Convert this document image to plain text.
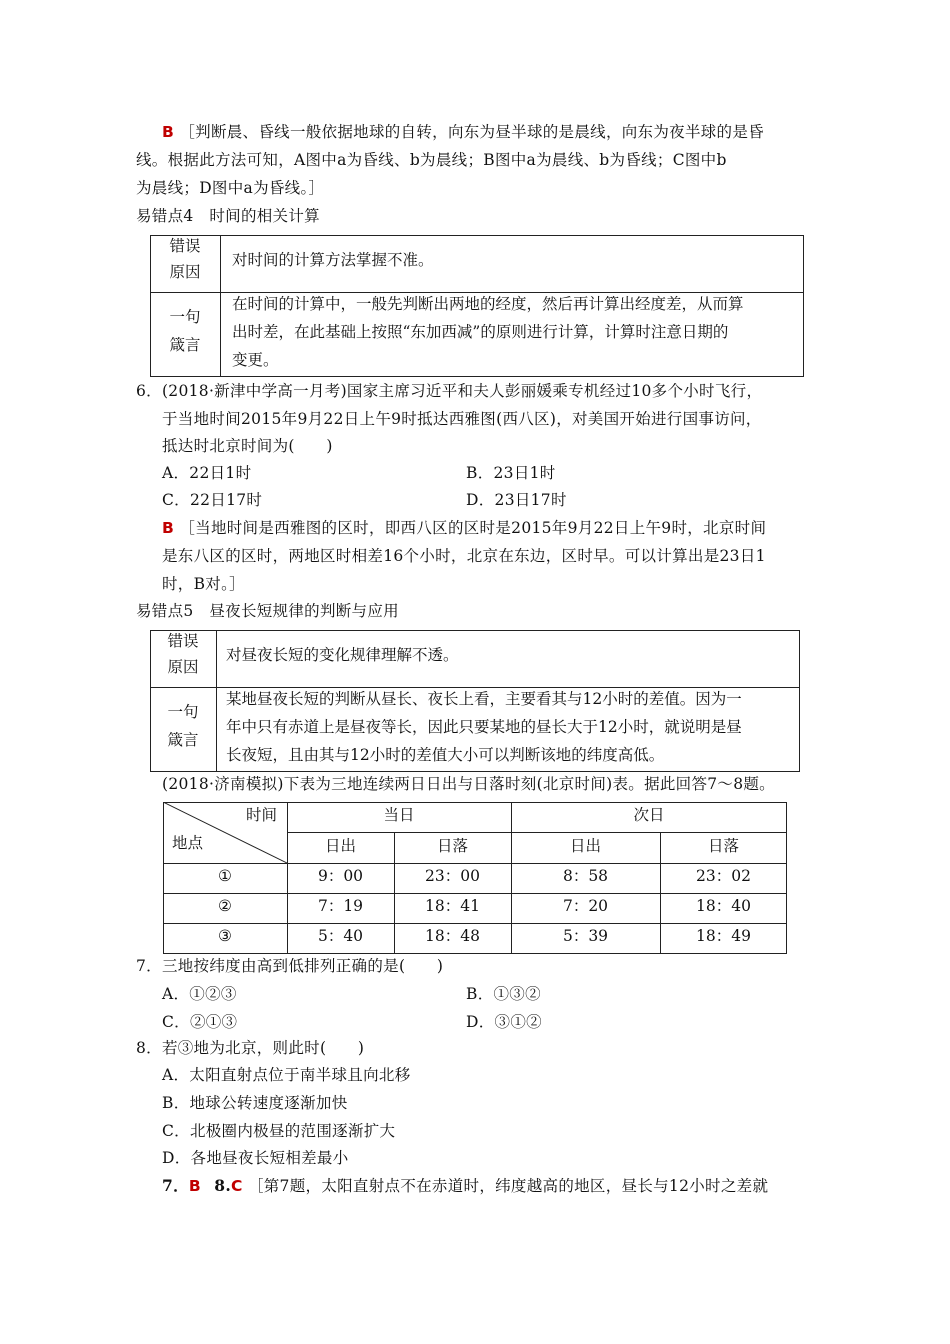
B ［判断晨、昏线一般依据地球的自转，向东为昼半球的是晨线，向东为夜半球的是昏
线。根据此方法可知，A图中a为昏线、b为晨线；B图中a为晨线、b为昏线；C图中b
为晨线；D图中a为昏线。］
易错点4　时间的相关计算
错误
原因
对时间的计算方法掌握不准。
一句
箴言
在时间的计算中，一般先判断出两地的经度，然后再计算出经度差，从而算
出时差，在此基础上按照“东加西减”的原则进行计算，计算时注意日期的
变更。
6．(2018·新津中学高一月考)国家主席习近平和夫人彭丽媛乘专机经过10多个小时飞行，
于当地时间2015年9月22日上午9时抵达西雅图(西八区)，对美国开始进行国事访问，
抵达时北京时间为(　　)
A．22日1时	B．23日1时
C．22日17时	D．23日17时
B ［当地时间是西雅图的区时，即西八区的区时是2015年9月22日上午9时，北京时间
是东八区的区时，两地区时相差16个小时，北京在东边，区时早。可以计算出是23日1
时，B对。］
易错点5　昼夜长短规律的判断与应用
错误
原因
对昼夜长短的变化规律理解不透。
一句
箴言
某地昼夜长短的判断从昼长、夜长上看，主要看其与12小时的差值。因为一
年中只有赤道上是昼夜等长，因此只要某地的昼长大于12小时，就说明是昼
长夜短，且由其与12小时的差值大小可以判断该地的纬度高低。
(2018·济南模拟)下表为三地连续两日日出与日落时刻(北京时间)表。据此回答7～8题。
时间
地点
当日	次日
日出	日落	日出	日落
①	9：00	23：00	8：58	23：02
②	7：19	18：41	7：20	18：40
③	5：40	18：48	5：39	18：49
7．三地按纬度由高到低排列正确的是(　　)
A．①②③	B．①③②
C．②①③	D．③①②
8．若③地为北京，则此时(　　)
A．太阳直射点位于南半球且向北移
B．地球公转速度逐渐加快
C．北极圈内极昼的范围逐渐扩大
D．各地昼夜长短相差最小
7．B 8.C ［第7题，太阳直射点不在赤道时，纬度越高的地区，昼长与12小时之差就
